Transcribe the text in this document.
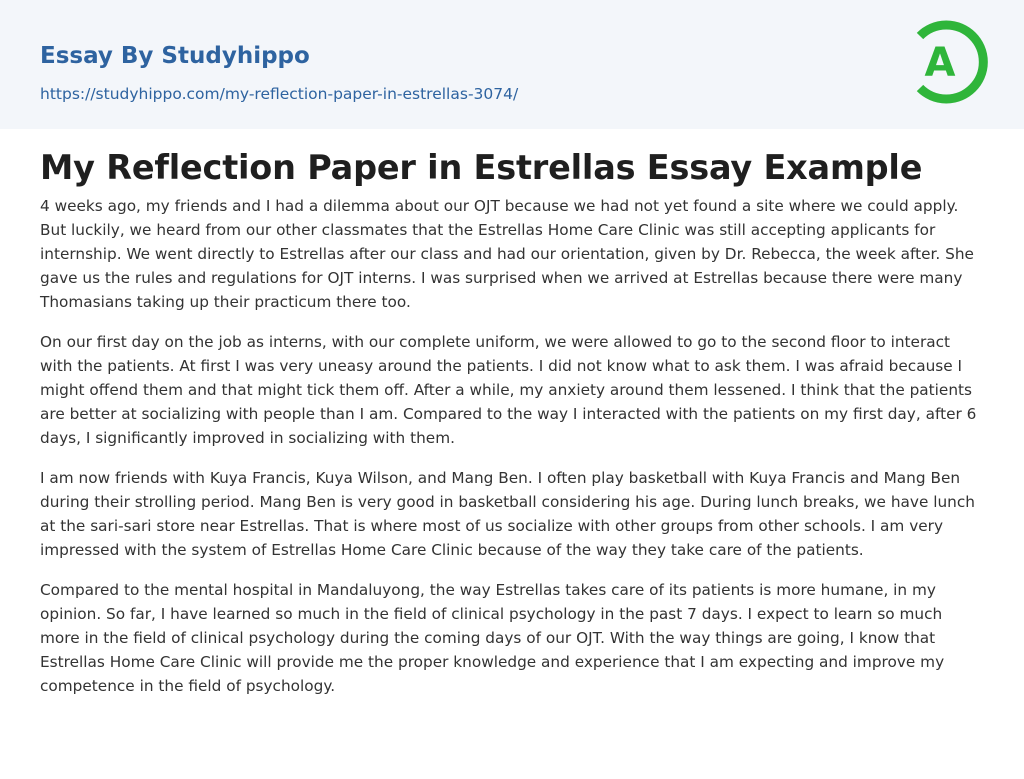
Essay By Studyhippo
https://studyhippo.com/my-reflection-paper-in-estrellas-3074/
A
My Reflection Paper in Estrellas Essay Example

4 weeks ago, my friends and I had a dilemma about our OJT because we had not yet found a site where we could apply. But luckily, we heard from our other classmates that the Estrellas Home Care Clinic was still accepting applicants for internship. We went directly to Estrellas after our class and had our orientation, given by Dr. Rebecca, the week after. She gave us the rules and regulations for OJT interns. I was surprised when we arrived at Estrellas because there were many Thomasians taking up their practicum there too.

On our first day on the job as interns, with our complete uniform, we were allowed to go to the second floor to interact with the patients. At first I was very uneasy around the patients. I did not know what to ask them. I was afraid because I might offend them and that might tick them off. After a while, my anxiety around them lessened. I think that the patients are better at socializing with people than I am. Compared to the way I interacted with the patients on my first day, after 6 days, I significantly improved in socializing with them.

I am now friends with Kuya Francis, Kuya Wilson, and Mang Ben. I often play basketball with Kuya Francis and Mang Ben during their strolling period. Mang Ben is very good in basketball considering his age. During lunch breaks, we have lunch at the sari-sari store near Estrellas. That is where most of us socialize with other groups from other schools. I am very impressed with the system of Estrellas Home Care Clinic because of the way they take care of the patients.

Compared to the mental hospital in Mandaluyong, the way Estrellas takes care of its patients is more humane, in my opinion. So far, I have learned so much in the field of clinical psychology in the past 7 days. I expect to learn so much more in the field of clinical psychology during the coming days of our OJT. With the way things are going, I know that Estrellas Home Care Clinic will provide me the proper knowledge and experience that I am expecting and improve my competence in the field of psychology.
